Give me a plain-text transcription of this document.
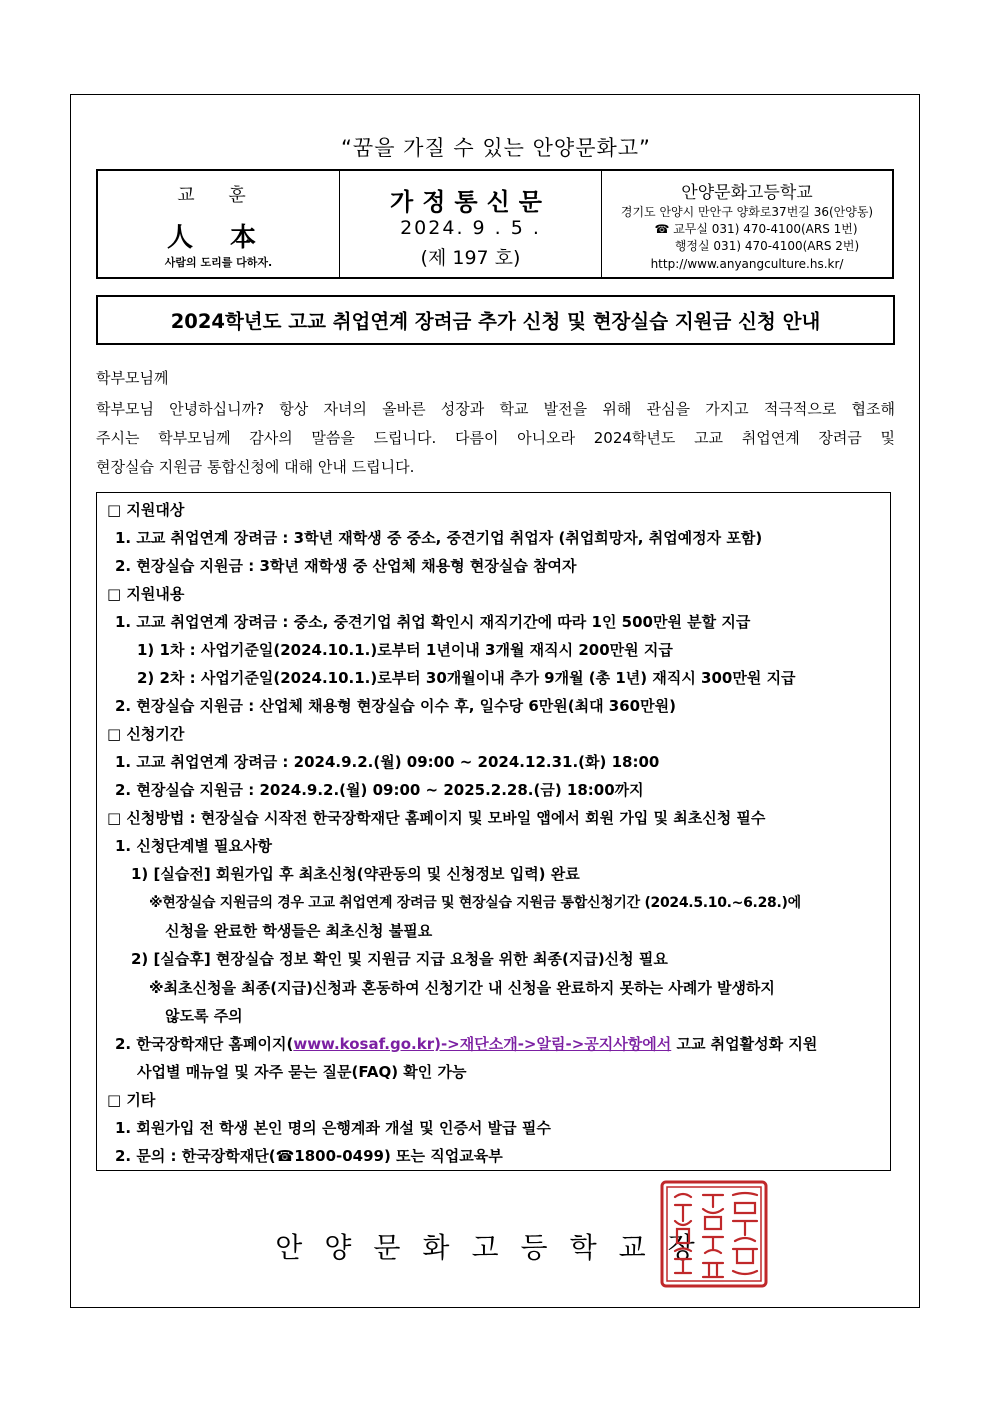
“꿈을 가질 수 있는 안양문화고”
교 훈
人 本
사람의 도리를 다하자.
가정통신문
2024. 9 . 5 .
(제 197 호)
안양문화고등학교
경기도 안양시 만안구 양화로37번길 36(안양동)
☎ 교무실 031) 470-4100(ARS 1번)
행정실 031) 470-4100(ARS 2번)
http://www.anyangculture.hs.kr/
2024학년도 고교 취업연계 장려금 추가 신청 및 현장실습 지원금 신청 안내
학부모님께
학부모님 안녕하십니까? 항상 자녀의 올바른 성장과 학교 발전을 위해 관심을 가지고 적극적으로 협조해
주시는 학부모님께 감사의 말씀을 드립니다. 다름이 아니오라 2024학년도 고교 취업연계 장려금 및
현장실습 지원금 통합신청에 대해 안내 드립니다.
□ 지원대상
1. 고교 취업연계 장려금 : 3학년 재학생 중 중소, 중견기업 취업자 (취업희망자, 취업예정자 포함)
2. 현장실습 지원금 : 3학년 재학생 중 산업체 채용형 현장실습 참여자
□ 지원내용
1. 고교 취업연계 장려금 : 중소, 중견기업 취업 확인시 재직기간에 따라 1인 500만원 분할 지급
1) 1차 : 사업기준일(2024.10.1.)로부터 1년이내 3개월 재직시 200만원 지급
2) 2차 : 사업기준일(2024.10.1.)로부터 30개월이내 추가 9개월 (총 1년) 재직시 300만원 지급
2. 현장실습 지원금 : 산업체 채용형 현장실습 이수 후, 일수당 6만원(최대 360만원)
□ 신청기간
1. 고교 취업연계 장려금 : 2024.9.2.(월) 09:00 ~ 2024.12.31.(화) 18:00
2. 현장실습 지원금 : 2024.9.2.(월) 09:00 ~ 2025.2.28.(금) 18:00까지
□ 신청방법 : 현장실습 시작전 한국장학재단 홈페이지 및 모바일 앱에서 회원 가입 및 최초신청 필수
1. 신청단계별 필요사항
1) [실습전] 회원가입 후 최초신청(약관동의 및 신청정보 입력) 완료
※현장실습 지원금의 경우 고교 취업연계 장려금 및 현장실습 지원금 통합신청기간 (2024.5.10.~6.28.)에
신청을 완료한 학생들은 최초신청 불필요
2) [실습후] 현장실습 정보 확인 및 지원금 지급 요청을 위한 최종(지급)신청 필요
※최초신청을 최종(지급)신청과 혼동하여 신청기간 내 신청을 완료하지 못하는 사례가 발생하지
않도록 주의
2. 한국장학재단 홈페이지(www.kosaf.go.kr)->재단소개->알림->공지사항에서 고교 취업활성화 지원
사업별 매뉴얼 및 자주 묻는 질문(FAQ) 확인 가능
□ 기타
1. 회원가입 전 학생 본인 명의 은행계좌 개설 및 인증서 발급 필수
2. 문의 : 한국장학재단(☎1800-0499) 또는 직업교육부
안양문화고등학교장
